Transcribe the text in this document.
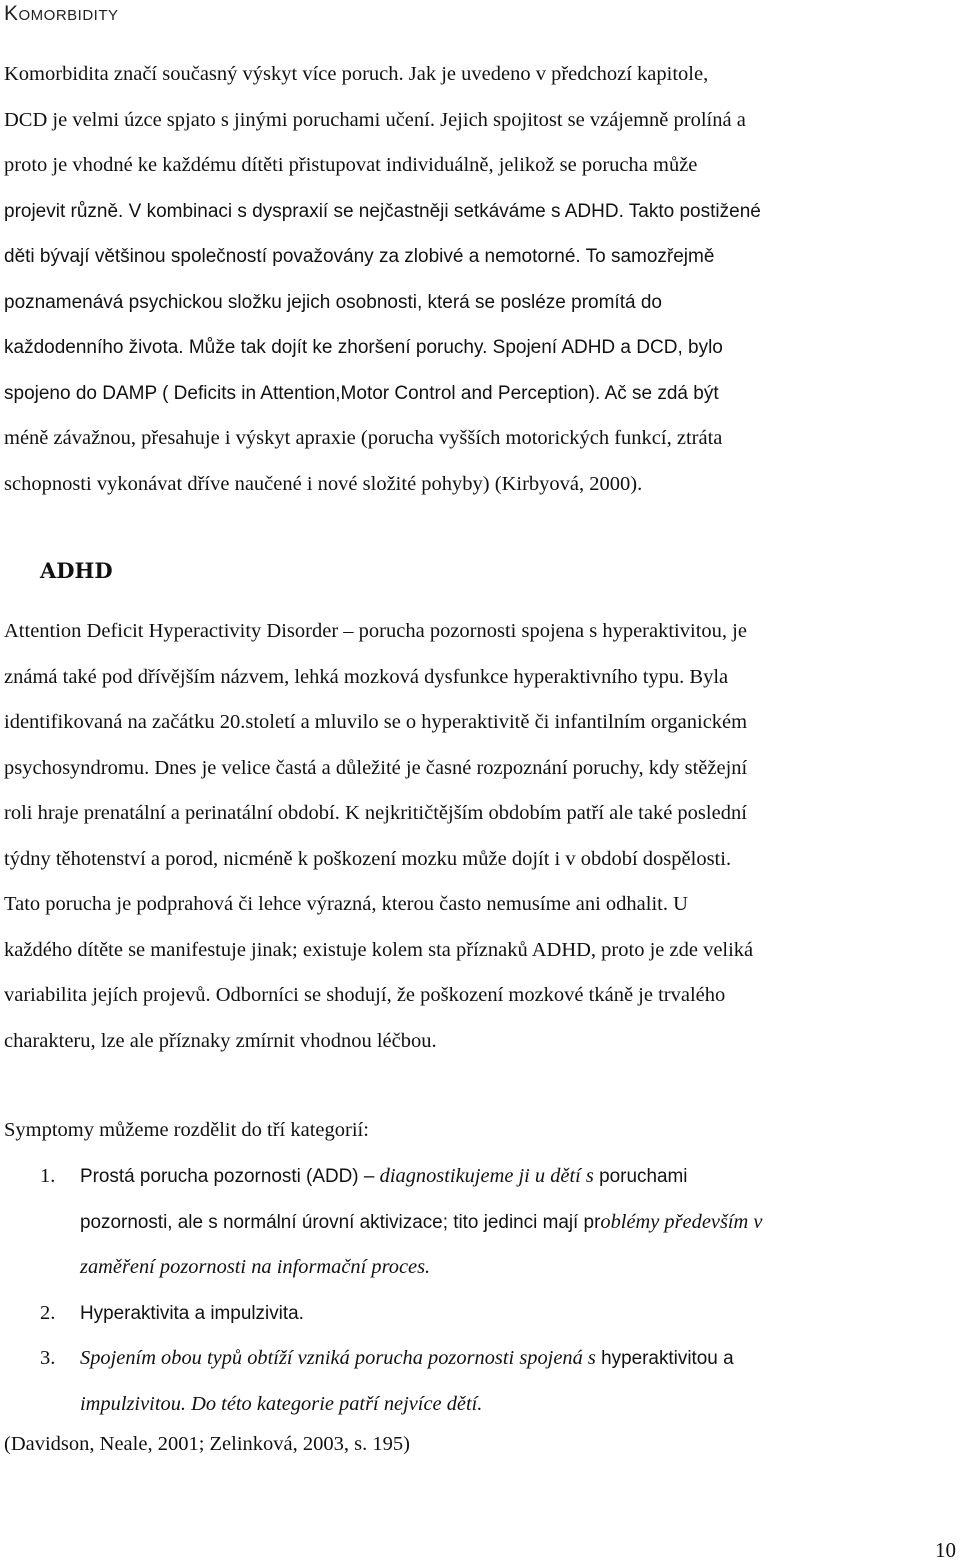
Komorbidity
Komorbidita značí současný výskyt více poruch. Jak je uvedeno v předchozí kapitole,
DCD je velmi úzce spjato s jinými poruchami učení. Jejich spojitost se vzájemně prolíná a
proto je vhodné ke každému dítěti přistupovat individuálně, jelikož se porucha může
projevit různě. V kombinaci s dyspraxií se nejčastněji setkáváme s ADHD. Takto postižené
děti bývají většinou společností považovány za zlobivé a nemotorné. To samozřejmě
poznamenává psychickou složku jejich osobnosti, která se posléze promítá do
každodenního života. Může tak dojít ke zhoršení poruchy. Spojení ADHD a DCD, bylo
spojeno do DAMP ( Deficits in Attention,Motor Control and Perception). Ač se zdá být
méně závažnou, přesahuje i výskyt apraxie (porucha vyšších motorických funkcí, ztráta
schopnosti vykonávat dříve naučené i nové složité pohyby) (Kirbyová, 2000).
ADHD
Attention Deficit Hyperactivity Disorder – porucha pozornosti spojena s hyperaktivitou, je
známá také pod dřívějším názvem, lehká mozková dysfunkce hyperaktivního typu. Byla
identifikovaná na začátku 20.století a mluvilo se o hyperaktivitě či infantilním organickém
psychosyndromu. Dnes je velice častá a důležité je časné rozpoznání poruchy, kdy stěžejní
roli hraje prenatální a perinatální období. K nejkritičtějším obdobím patří ale také poslední
týdny těhotenství a porod, nicméně k poškození mozku může dojít i v období dospělosti.
Tato porucha je podprahová či lehce výrazná, kterou často nemusíme ani odhalit. U
každého dítěte se manifestuje jinak; existuje kolem sta příznaků ADHD, proto je zde veliká
variabilita jejích projevů. Odborníci se shodují, že poškození mozkové tkáně je trvalého
charakteru, lze ale příznaky zmírnit vhodnou léčbou.
Symptomy můžeme rozdělit do tří kategorií:
1. Prostá porucha pozornosti (ADD) – diagnostikujeme ji u dětí s poruchami
pozornosti, ale s normální úrovní aktivizace; tito jedinci mají problémy především v
zaměření pozornosti na informační proces.
2. Hyperaktivita a impulzivita.
3. Spojením obou typů obtíží vzniká porucha pozornosti spojená s hyperaktivitou a
impulzivitou. Do této kategorie patří nejvíce dětí.
(Davidson, Neale, 2001; Zelinková, 2003, s. 195)
10
